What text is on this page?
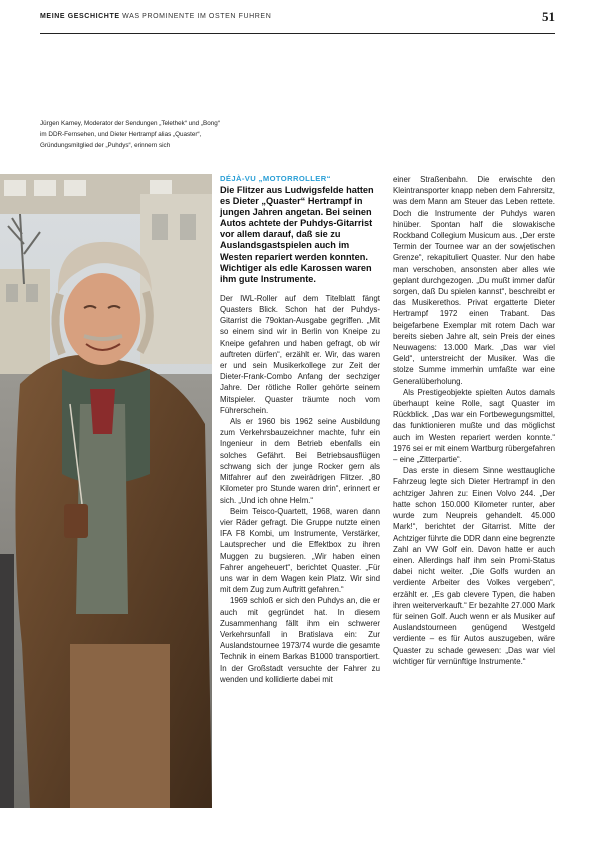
MEINE GESCHICHTE WAS PROMINENTE IM OSTEN FUHREN	51
Jürgen Karney, Moderator der Sendungen „Telethek“ und „Bong“ im DDR-Fernsehen, und Dieter Hertrampf alias „Quaster“, Gründungsmitglied der „Puhdys“, erinnern sich
DÉJÀ-VU „MOTORROLLER“
Die Flitzer aus Ludwigsfelde hatten es Dieter „Quaster“ Hertrampf in jungen Jahren angetan. Bei seinen Autos achtete der Puhdys-Gitarrist vor allem darauf, daß sie zu Auslandsgastspielen auch im Westen repariert werden konnten. Wichtiger als edle Karossen waren ihm gute Instrumente.

Der IWL-Roller auf dem Titelblatt fängt Quasters Blick. Schon hat der Puhdys-Gitarrist die 79oktan-Ausgabe gegriffen. „Mit so einem sind wir in Berlin von Kneipe zu Kneipe gefahren und haben gefragt, ob wir auftreten dürfen“, erzählt er. Wir, das waren er und sein Musikerkollege zur Zeit der Dieter-Frank-Combo Anfang der sechziger Jahre. Der rötliche Roller gehörte seinem Mitspieler. Quaster träumte noch vom Führerschein.

Als er 1960 bis 1962 seine Ausbildung zum Verkehrsbauzeichner machte, fuhr ein Ingenieur in dem Betrieb ebenfalls ein solches Gefährt. Bei Betriebsausflügen schwang sich der junge Rocker gern als Mitfahrer auf den zweirädrigen Flitzer. „80 Kilometer pro Stunde waren drin“, erinnert er sich. „Und ich ohne Helm.“

Beim Teisco-Quartett, 1968, waren dann vier Räder gefragt. Die Gruppe nutzte einen IFA F8 Kombi, um Instrumente, Verstärker, Lautsprecher und die Effektbox zu ihren Muggen zu bugsieren. „Wir haben einen Fahrer angeheuert“, berichtet Quaster. „Für uns war in dem Wagen kein Platz. Wir sind mit dem Zug zum Auftritt gefahren.“

1969 schloß er sich den Puhdys an, die er auch mit gegründet hat. In diesem Zusammenhang fällt ihm ein schwerer Verkehrsunfall in Bratislava ein: Zur Auslandstournee 1973/74 wurde die gesamte Technik in einem Barkas B1000 transportiert. In der Großstadt versuchte der Fahrer zu wenden und kollidierte dabei mit

einer Straßenbahn. Die erwischte den Kleintransporter knapp neben dem Fahrersitz, was dem Mann am Steuer das Leben rettete. Doch die Instrumente der Puhdys waren hinüber. Spontan half die slowakische Rockband Collegium Musicum aus. „Der erste Termin der Tournee war an der sowjetischen Grenze“, rekapituliert Quaster. Nur den habe man verschoben, ansonsten aber alles wie geplant durchgezogen. „Du mußt immer dafür sorgen, daß Du spielen kannst“, beschreibt er das Musikerethos. Privat ergatterte Dieter Hertrampf 1972 einen Trabant. Das beigefarbene Exemplar mit rotem Dach war bereits sieben Jahre alt, sein Preis der eines Neuwagens: 13.000 Mark. „Das war viel Geld“, unterstreicht der Musiker. Was die stolze Summe immerhin umfaßte war eine Generalüberholung.

Als Prestigeobjekte spielten Autos damals überhaupt keine Rolle, sagt Quaster im Rückblick. „Das war ein Fortbewegungsmittel, das funktionieren mußte und das möglichst auch im Westen repariert werden konnte.“ 1976 sei er mit einem Wartburg rübergefahren – eine „Zitterpartie“.

Das erste in diesem Sinne westtaugliche Fahrzeug legte sich Dieter Hertrampf in den achtziger Jahren zu: Einen Volvo 244. „Der hatte schon 150.000 Kilometer runter, aber wurde zum Neupreis gehandelt. 45.000 Mark!“, berichtet der Gitarrist. Mitte der Achtziger führte die DDR dann eine begrenzte Zahl an VW Golf ein. Davon hatte er auch einen. Allerdings half ihm sein Promi-Status dabei nicht weiter. „Die Golfs wurden an verdiente Arbeiter des Volkes vergeben“, erzählt er. „Es gab clevere Typen, die haben ihren weiterverkauft.“ Er bezahlte 27.000 Mark für seinen Golf. Auch wenn er als Musiker auf Auslandstourneen genügend Westgeld verdiente – es für Autos auszugeben, wäre Quaster zu schade gewesen: „Das war viel wichtiger für vernünftige Instrumente.“
